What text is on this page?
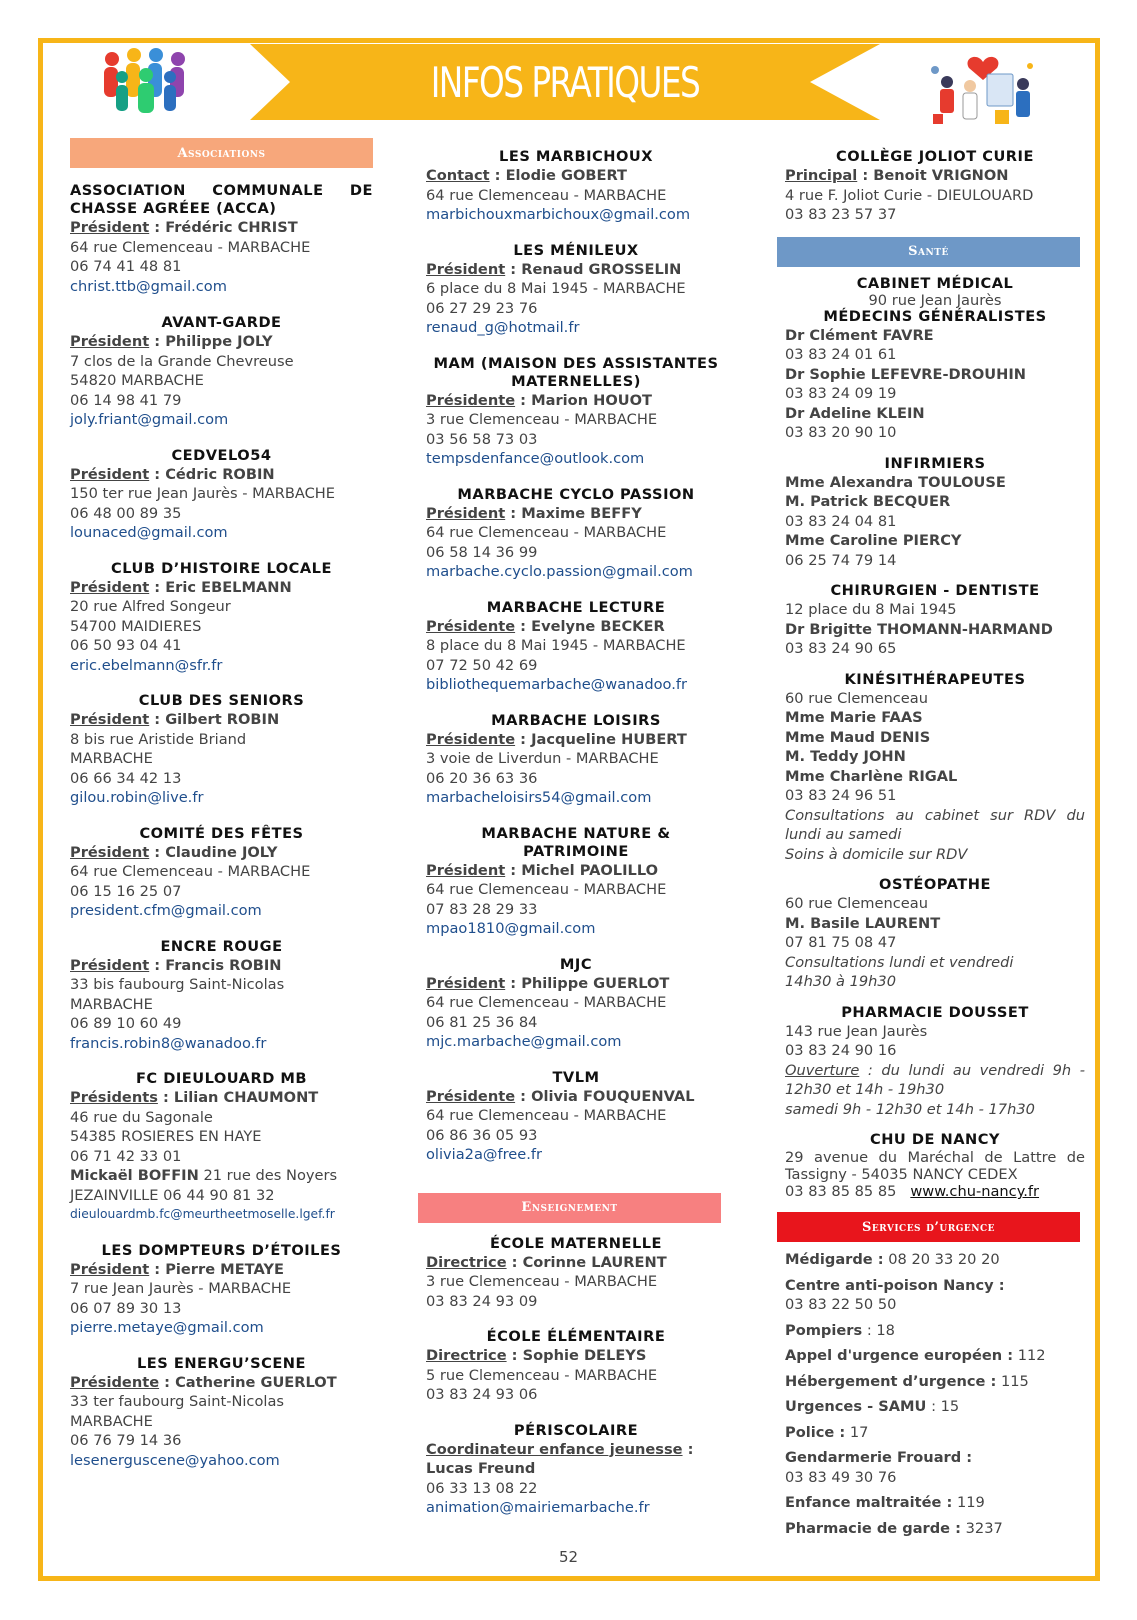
INFOS PRATIQUES
Associations
ASSOCIATION COMMUNALE DE CHASSE AGRÉEE (ACCA)
Président : Frédéric CHRIST
64 rue Clemenceau - MARBACHE
06 74 41 48 81
christ.ttb@gmail.com
AVANT-GARDE
Président : Philippe JOLY
7 clos de la Grande Chevreuse
54820 MARBACHE
06 14 98 41 79
joly.friant@gmail.com
CEDVELO54
Président : Cédric ROBIN
150 ter rue Jean Jaurès - MARBACHE
06 48 00 89 35
lounaced@gmail.com
CLUB D’HISTOIRE LOCALE
Président : Eric EBELMANN
20 rue Alfred Songeur
54700 MAIDIERES
06 50 93 04 41
eric.ebelmann@sfr.fr
CLUB DES SENIORS
Président : Gilbert ROBIN
8 bis rue Aristide Briand
MARBACHE
06 66 34 42 13
gilou.robin@live.fr
COMITÉ DES FÊTES
Président : Claudine JOLY
64 rue Clemenceau - MARBACHE
06 15 16 25 07
president.cfm@gmail.com
ENCRE ROUGE
Président : Francis ROBIN
33 bis faubourg Saint-Nicolas
MARBACHE
06 89 10 60 49
francis.robin8@wanadoo.fr
FC DIEULOUARD MB
Présidents : Lilian CHAUMONT
46 rue du Sagonale
54385 ROSIERES EN HAYE
06 71 42 33 01
Mickaël BOFFIN 21 rue des Noyers
JEZAINVILLE 06 44 90 81 32
dieulouardmb.fc@meurtheetmoselle.lgef.fr
LES DOMPTEURS D’ÉTOILES
Président : Pierre METAYE
7 rue Jean Jaurès - MARBACHE
06 07 89 30 13
pierre.metaye@gmail.com
LES ENERGU’SCENE
Présidente : Catherine GUERLOT
33 ter faubourg Saint-Nicolas
MARBACHE
06 76 79 14 36
lesenerguscene@yahoo.com
LES MARBICHOUX
Contact : Elodie GOBERT
64 rue Clemenceau - MARBACHE
marbichouxmarbichoux@gmail.com
LES MÉNILEUX
Président : Renaud GROSSELIN
6 place du 8 Mai 1945 - MARBACHE
06 27 29 23 76
renaud_g@hotmail.fr
MAM (MAISON DES ASSISTANTES MATERNELLES)
Présidente : Marion HOUOT
3 rue Clemenceau - MARBACHE
03 56 58 73 03
tempsdenfance@outlook.com
MARBACHE CYCLO PASSION
Président : Maxime BEFFY
64 rue Clemenceau - MARBACHE
06 58 14 36 99
marbache.cyclo.passion@gmail.com
MARBACHE LECTURE
Présidente : Evelyne BECKER
8 place du 8 Mai 1945 - MARBACHE
07 72 50 42 69
bibliothequemarbache@wanadoo.fr
MARBACHE LOISIRS
Présidente : Jacqueline HUBERT
3 voie de Liverdun - MARBACHE
06 20 36 63 36
marbacheloisirs54@gmail.com
MARBACHE NATURE & PATRIMOINE
Président : Michel PAOLILLO
64 rue Clemenceau - MARBACHE
07 83 28 29 33
mpao1810@gmail.com
MJC
Président : Philippe GUERLOT
64 rue Clemenceau - MARBACHE
06 81 25 36 84
mjc.marbache@gmail.com
TVLM
Présidente : Olivia FOUQUENVAL
64 rue Clemenceau - MARBACHE
06 86 36 05 93
olivia2a@free.fr
Enseignement
ÉCOLE MATERNELLE
Directrice : Corinne LAURENT
3 rue Clemenceau - MARBACHE
03 83 24 93 09
ÉCOLE ÉLÉMENTAIRE
Directrice : Sophie DELEYS
5 rue Clemenceau - MARBACHE
03 83 24 93 06
PÉRISCOLAIRE
Coordinateur enfance jeunesse :
Lucas Freund
06 33 13 08 22
animation@mairiemarbache.fr
COLLÈGE JOLIOT CURIE
Principal : Benoit VRIGNON
4 rue F. Joliot Curie - DIEULOUARD
03 83 23 57 37
Santé
CABINET MÉDICAL
90 rue Jean Jaurès
MÉDECINS GÉNÉRALISTES
Dr Clément FAVRE
03 83 24 01 61
Dr Sophie LEFEVRE-DROUHIN
03 83 24 09 19
Dr Adeline KLEIN
03 83 20 90 10
INFIRMIERS
Mme Alexandra TOULOUSE
M. Patrick BECQUER
03 83 24 04 81
Mme Caroline PIERCY
06 25 74 79 14
CHIRURGIEN - DENTISTE
12 place du 8 Mai 1945
Dr Brigitte THOMANN-HARMAND
03 83 24 90 65
KINÉSITHÉRAPEUTES
60 rue Clemenceau
Mme Marie FAAS
Mme Maud DENIS
M. Teddy JOHN
Mme Charlène RIGAL
03 83 24 96 51
Consultations au cabinet sur RDV du lundi au samedi
Soins à domicile sur RDV
OSTÉOPATHE
60 rue Clemenceau
M. Basile LAURENT
07 81 75 08 47
Consultations lundi et vendredi 14h30 à 19h30
PHARMACIE DOUSSET
143 rue Jean Jaurès
03 83 24 90 16
Ouverture : du lundi au vendredi 9h - 12h30 et 14h - 19h30
samedi 9h - 12h30 et 14h - 17h30
CHU DE NANCY
29 avenue du Maréchal de Lattre de Tassigny - 54035 NANCY CEDEX
03 83 85 85 85 www.chu-nancy.fr
Services d’urgence
Médigarde : 08 20 33 20 20
Centre anti-poison Nancy :
03 83 22 50 50
Pompiers : 18
Appel d'urgence européen : 112
Hébergement d’urgence : 115
Urgences - SAMU : 15
Police : 17
Gendarmerie Frouard :
03 83 49 30 76
Enfance maltraitée : 119
Pharmacie de garde : 3237
52
